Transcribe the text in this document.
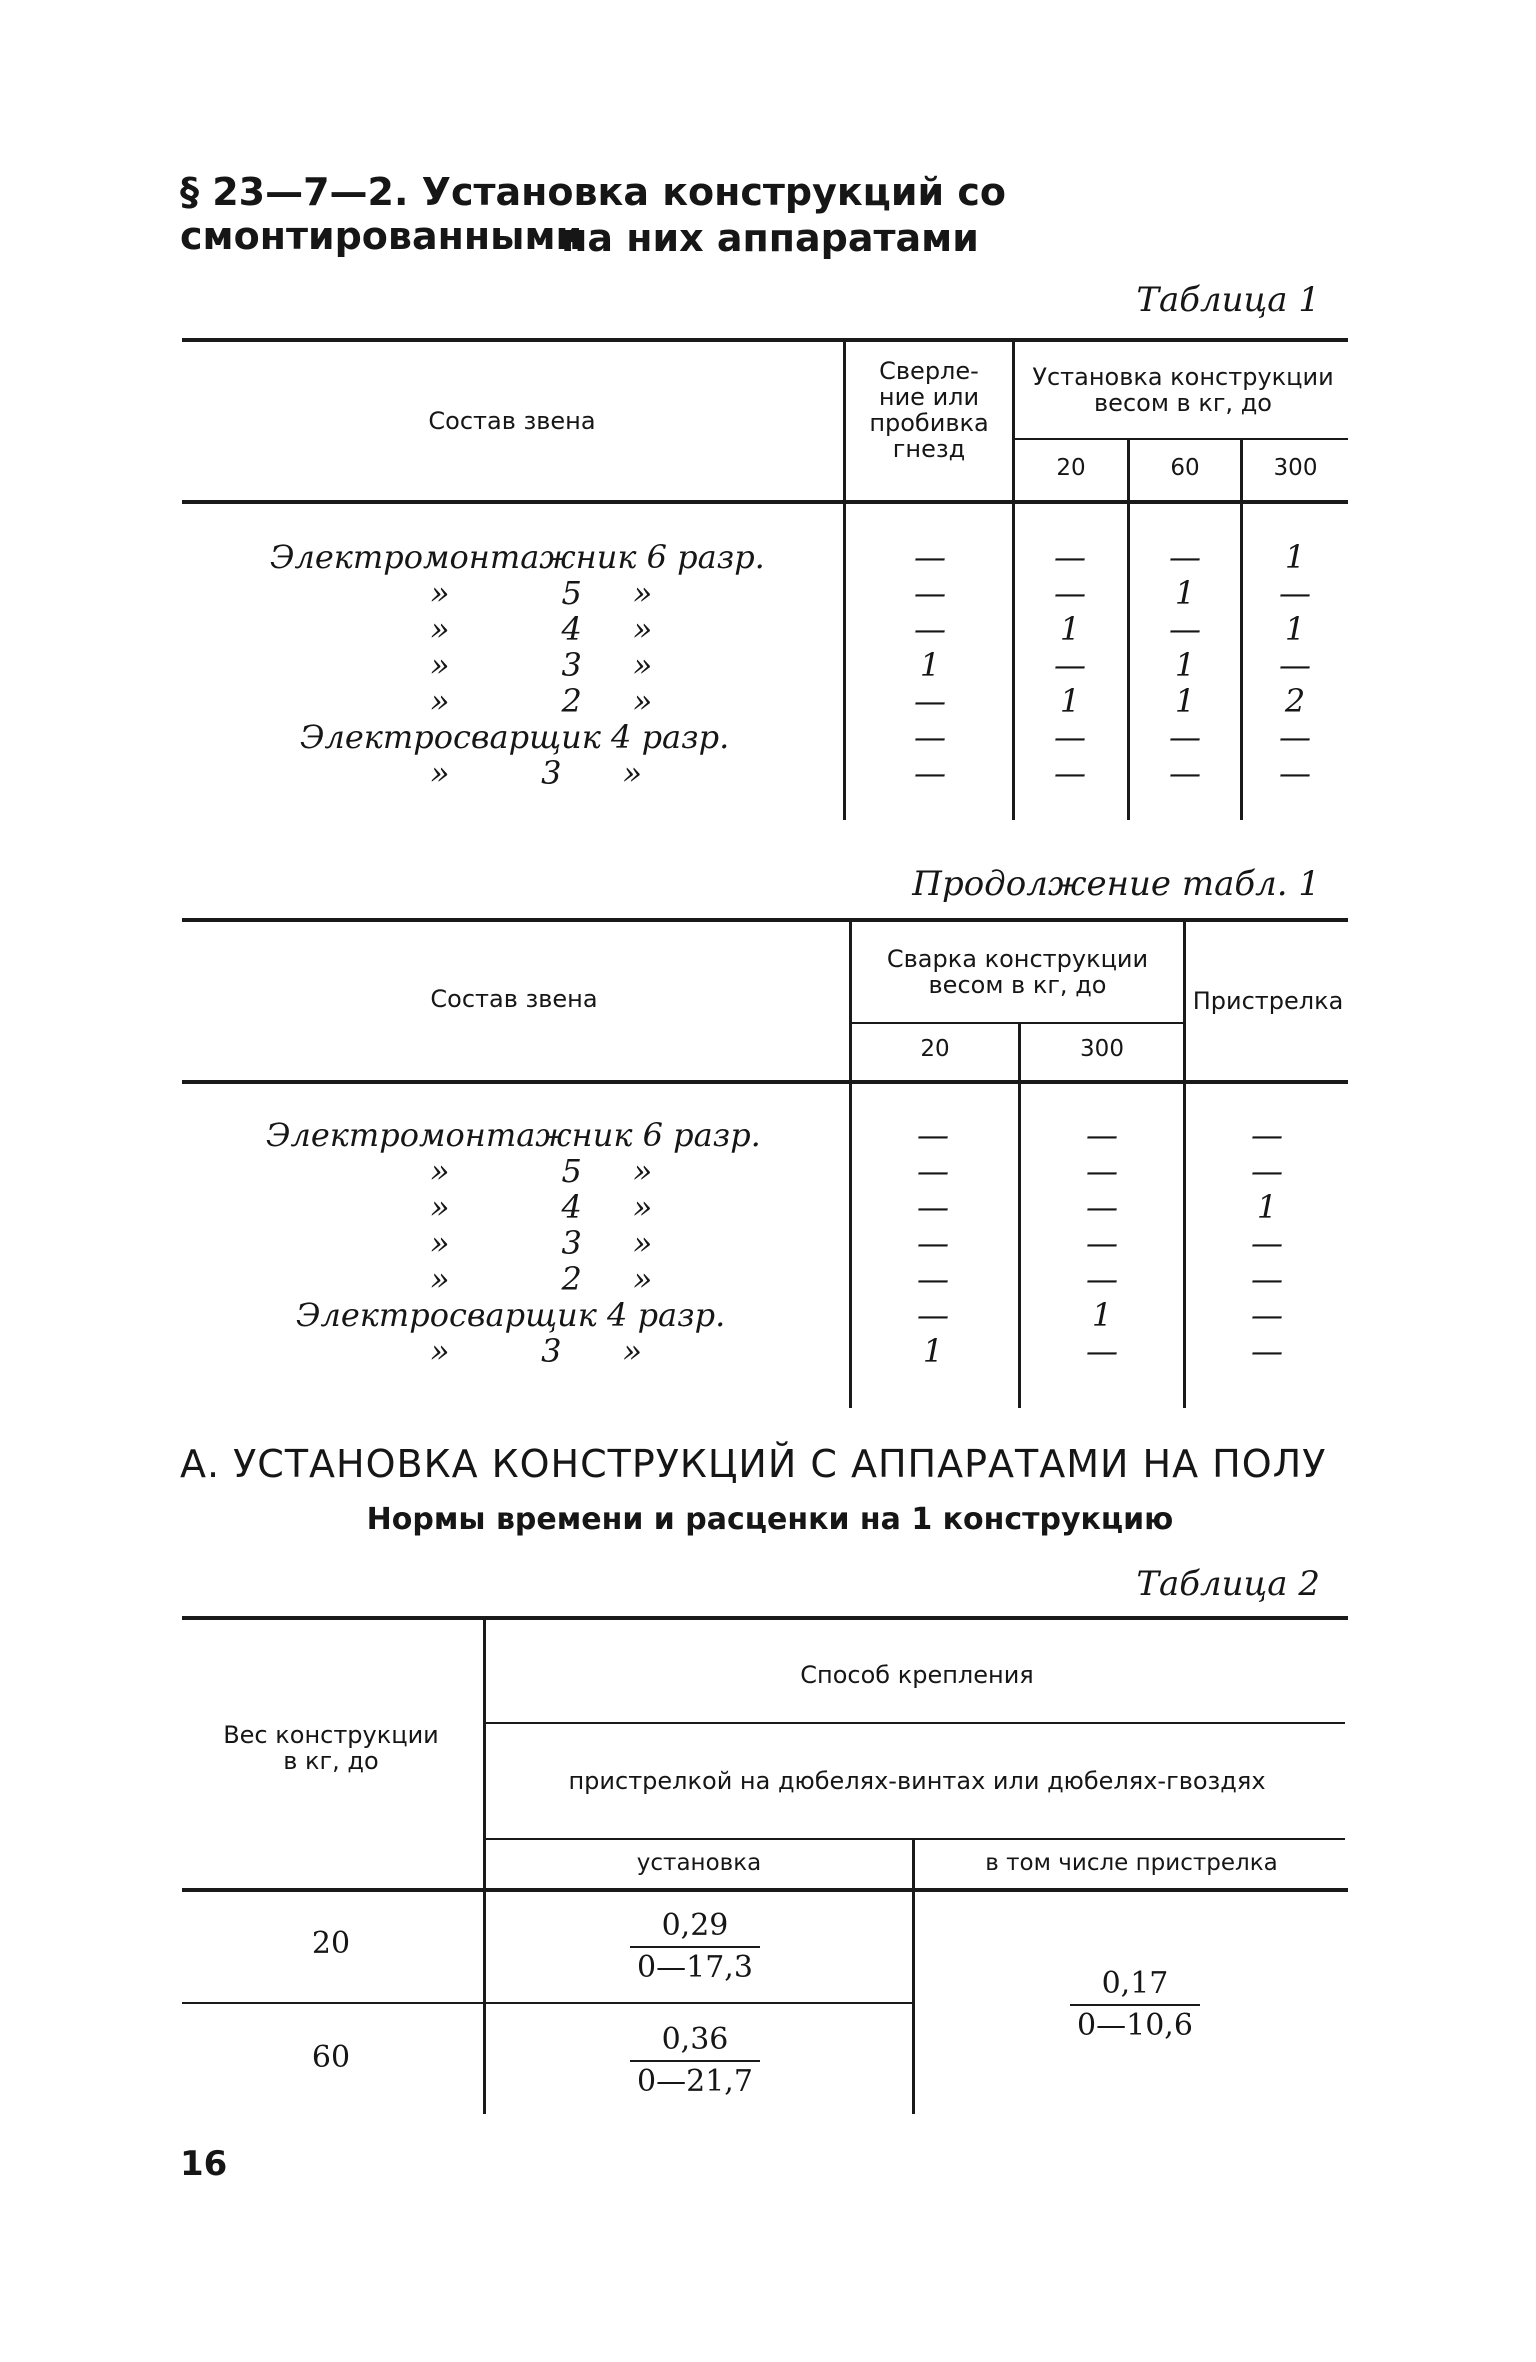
§ 23—7—2. Установка конструкций со смонтированными
на них аппаратами
Таблица 1
Состав звена
Сверле-
ние или
пробивка
гнезд
Установка конструкции
весом в кг, до
20	60	300
Электромонтажник 6 разр.	—	—	—	1
»           5     »	—	—	1	—
»           4     »	—	1	—	1
»           3     »	1	—	1	—
»           2     »	—	1	1	2
Электросварщик 4 разр.	—	—	—	—
»         3      »	—	—	—	—
Продолжение табл. 1
Состав звена
Сварка конструкции
весом в кг, до
Пристрелка
20	300
Электромонтажник 6 разр.	—	—	—
»           5     »	—	—	—
»           4     »	—	—	1
»           3     »	—	—	—
»           2     »	—	—	—
Электросварщик 4 разр.	—	1	—
»         3      »	1	—	—
А. УСТАНОВКА КОНСТРУКЦИЙ С АППАРАТАМИ НА ПОЛУ
Нормы времени и расценки на 1 конструкцию
Таблица 2
Вес конструкции
в кг, до
Способ крепления
пристрелкой на дюбелях-винтах или дюбелях-гвоздях
установка	в том числе пристрелка
20	$\frac{0,29}{0—17,3}$
60	$\frac{0,36}{0—21,7}$
$\frac{0,17}{0—10,6}$
16
